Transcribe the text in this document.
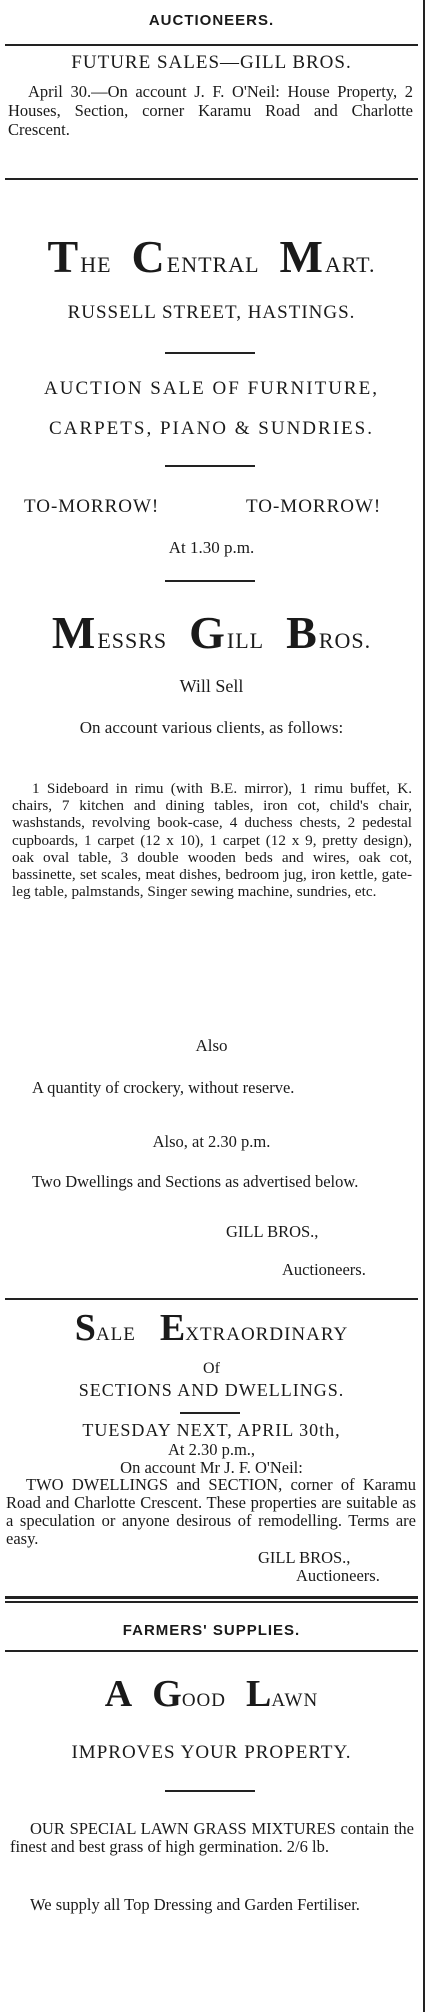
AUCTIONEERS.
FUTURE SALES—GILL BROS.
April 30.—On account J. F. O'Neil: House Property, 2 Houses, Section, corner Karamu Road and Charlotte Crescent.
THE CENTRAL MART.
RUSSELL STREET, HASTINGS.
AUCTION SALE OF FURNITURE,
CARPETS, PIANO & SUNDRIES.
TO-MORROW!	TO-MORROW!
At 1.30 p.m.
MESSRS GILL BROS.
Will Sell
On account various clients, as follows:
1 Sideboard in rimu (with B.E. mirror), 1 rimu buffet, K. chairs, 7 kitchen and dining tables, iron cot, child's chair, washstands, revolving book-case, 4 duchess chests, 2 pedestal cupboards, 1 carpet (12 x 10), 1 carpet (12 x 9, pretty design), oak oval table, 3 double wooden beds and wires, oak cot, bassinette, set scales, meat dishes, bedroom jug, iron kettle, gate-leg table, palmstands, Singer sewing machine, sundries, etc.
Also
A quantity of crockery, without reserve.
Also, at 2.30 p.m.
Two Dwellings and Sections as advertised below.
GILL BROS.,
Auctioneers.
SALE EXTRAORDINARY
Of
SECTIONS AND DWELLINGS.
TUESDAY NEXT, APRIL 30th,
At 2.30 p.m.,
On account Mr J. F. O'Neil:
TWO DWELLINGS and SECTION, corner of Karamu Road and Charlotte Crescent. These properties are suitable as a speculation or anyone desirous of remodelling. Terms are easy.
GILL BROS.,
Auctioneers.
FARMERS' SUPPLIES.
A GOOD LAWN
IMPROVES YOUR PROPERTY.
OUR SPECIAL LAWN GRASS MIXTURES contain the finest and best grass of high germination. 2/6 lb.
We supply all Top Dressing and Garden Fertiliser.
